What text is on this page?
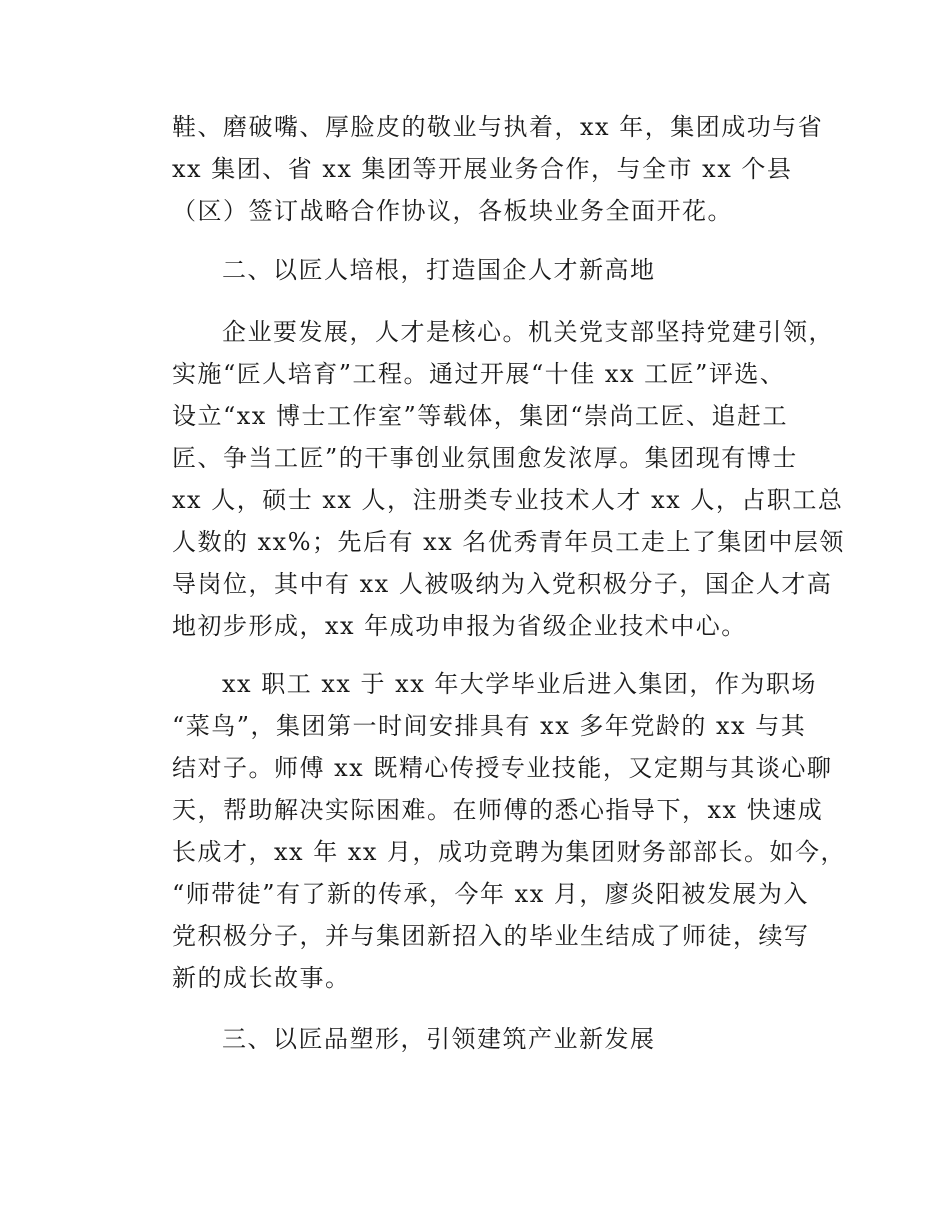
鞋、磨破嘴、厚脸皮的敬业与执着，xx 年，集团成功与省
xx 集团、省 xx 集团等开展业务合作，与全市 xx 个县
（区）签订战略合作协议，各板块业务全面开花。
二、以匠人培根，打造国企人才新高地
企业要发展，人才是核心。机关党支部坚持党建引领，
实施“匠人培育”工程。通过开展“十佳 xx 工匠”评选、
设立“xx 博士工作室”等载体，集团“崇尚工匠、追赶工
匠、争当工匠”的干事创业氛围愈发浓厚。集团现有博士
xx 人，硕士 xx 人，注册类专业技术人才 xx 人，占职工总
人数的 xx%；先后有 xx 名优秀青年员工走上了集团中层领
导岗位，其中有 xx 人被吸纳为入党积极分子，国企人才高
地初步形成，xx 年成功申报为省级企业技术中心。
xx 职工 xx 于 xx 年大学毕业后进入集团，作为职场
“菜鸟”，集团第一时间安排具有 xx 多年党龄的 xx 与其
结对子。师傅 xx 既精心传授专业技能，又定期与其谈心聊
天，帮助解决实际困难。在师傅的悉心指导下，xx 快速成
长成才，xx 年 xx 月，成功竞聘为集团财务部部长。如今，
“师带徒”有了新的传承，今年 xx 月，廖炎阳被发展为入
党积极分子，并与集团新招入的毕业生结成了师徒，续写
新的成长故事。
三、以匠品塑形，引领建筑产业新发展
